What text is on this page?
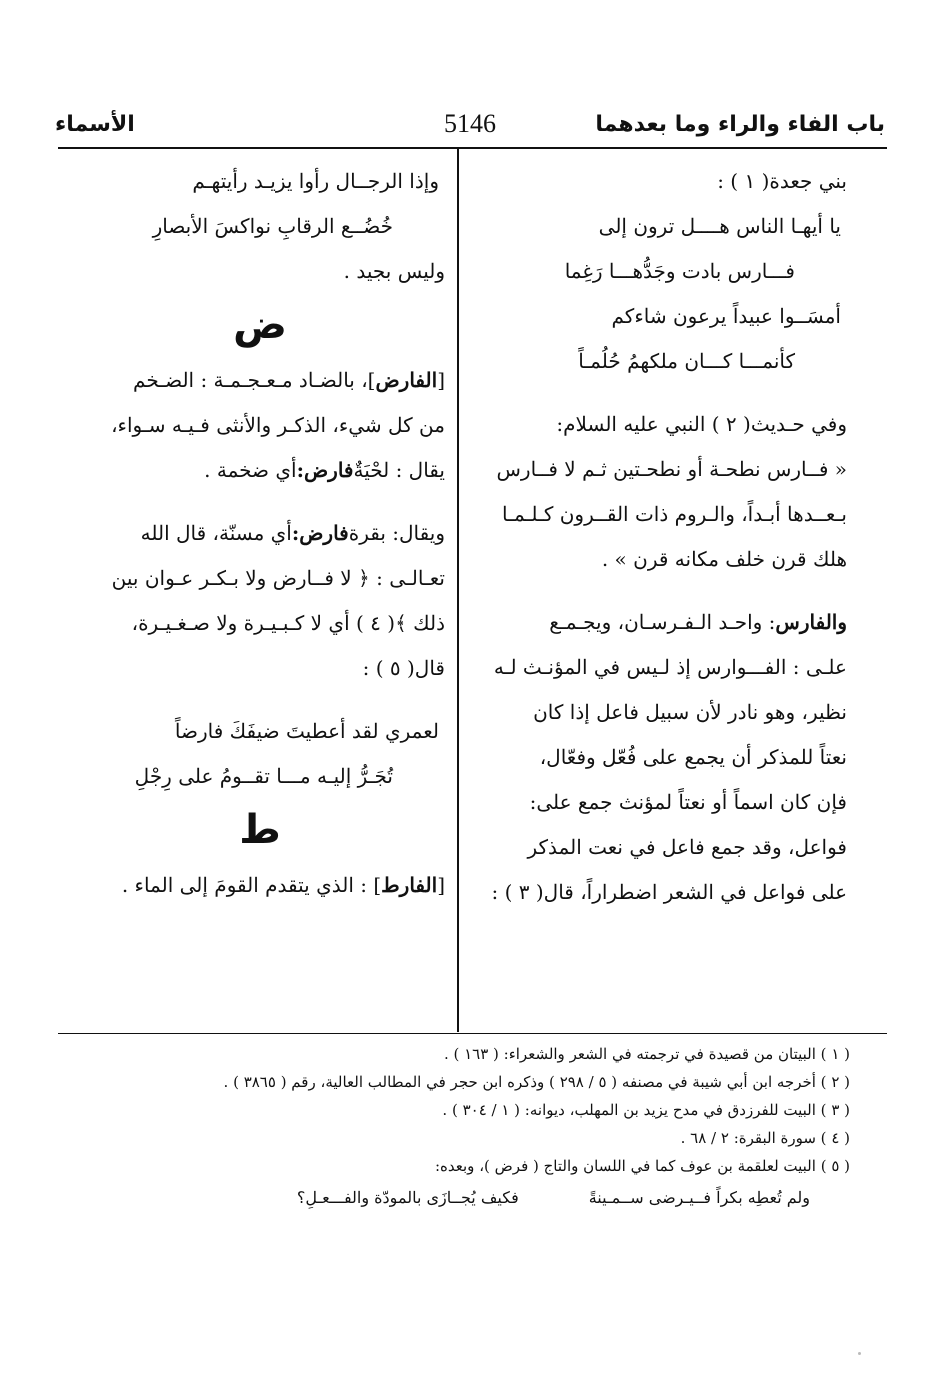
باب الفاء والراء وما بعدهما
5146
الأسماء
بني جعدة( ١ ) :
يا أيهـا الناس هــــل ترون إلى
فـــارس بادت وجَدُّهـــا رَغِما
أمسَــوا عبيداً يرعون شاءكم
كأنمـــا كـــان ملكهمُ حُلُمـاً
وفي حـديث( ٢ ) النبي عليه السلام:
« فــارس نطحـة أو نطحـتين ثـم لا فــارس
بـعــدها أبـداً، والـروم ذات القــرون كـلـمـا
هلك قرن خلف مكانه قرن » .
والفارس
: واحـد الـفـرسـان، ويجـمـع
علـى : الفـــوارس إذ لـيس في المؤنـث لـه
نظير، وهو نادر لأن سبيل فاعل إذا كان
نعتاً للمذكر أن يجمع على فُعّل وفعّال،
فإن كان اسماً أو نعتاً لمؤنث جمع على:
فواعل، وقد جمع فاعل في نعت المذكر
على فواعل في الشعر اضطراراً، قال( ٣ ) :
وإذا الرجــال رأوا يزيـد رأيتهـم
خُضُــع الرقابِ نواكسَ الأبصارِ
وليس بجيد .
ض
[
الفارض
]، بالضـاد مـعـجـمـة : الضـخم
من كل شيء، الذكـر والأنثى فـيـه سـواء،
يقال : لحْيَةٌ
فارض:
أي ضخمة .
ويقال: بقرة
فارض:
أي مسنّة، قال الله
تعـالـى : ﴿ لا فــارض ولا بـكـر عـوان بين
ذلك ﴾( ٤ ) أي لا كـبـيـرة ولا صـغـيـرة،
قال( ٥ ) :
لعمري لقد أعطيتَ ضيفَكَ فارضاً
تُجَـرُّ إليـه مـــا تقــومُ على رِجْلِ
ط
[
الفارط
] : الذي يتقدم القومَ إلى الماء .
( ١ ) البيتان من قصيدة في ترجمته في الشعر والشعراء: ( ١٦٣ ) .
( ٢ ) أخرجه ابن أبي شيبة في مصنفه ( ٥ / ٢٩٨ ) وذكره ابن حجر في المطالب العالية، رقم ( ٣٨٦٥ ) .
( ٣ ) البيت للفرزدق في مدح يزيد بن المهلب، ديوانه: ( ١ / ٣٠٤ ) .
( ٤ ) سورة البقرة: ٢ / ٦٨ .
( ٥ ) البيت لعلقمة بن عوف كما في اللسان والتاج ( فرض )، وبعده:
ولم تُعطِه بكراً فــيـرضى ســمـينةً
فكيف يُجــازَى بالمودّة والفـــعـلِ؟
